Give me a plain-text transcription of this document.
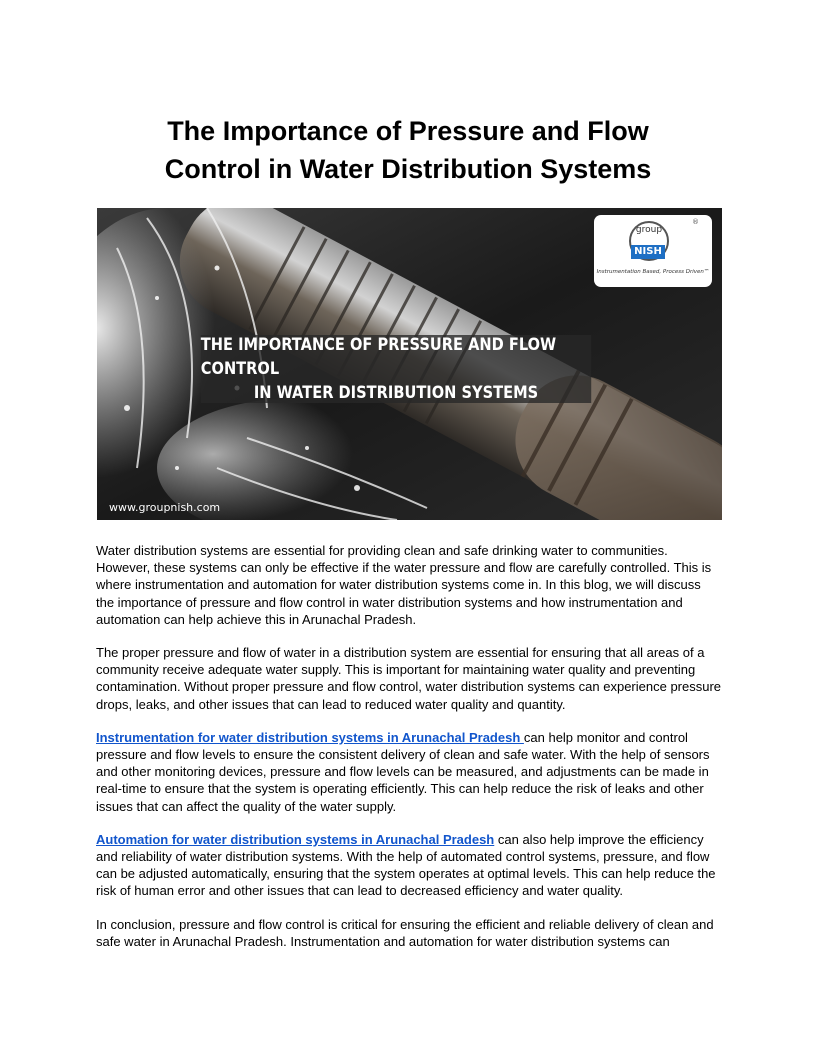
The Importance of Pressure and Flow
Control in Water Distribution Systems
THE IMPORTANCE OF PRESSURE AND FLOW CONTROL
IN WATER DISTRIBUTION SYSTEMS
group
NISH
®
Instrumentation Based, Process Driven™
www.groupnish.com

Water distribution systems are essential for providing clean and safe drinking water to communities. However, these systems can only be effective if the water pressure and flow are carefully controlled. This is where instrumentation and automation for water distribution systems come in. In this blog, we will discuss the importance of pressure and flow control in water distribution systems and how instrumentation and automation can help achieve this in Arunachal Pradesh.

The proper pressure and flow of water in a distribution system are essential for ensuring that all areas of a community receive adequate water supply. This is important for maintaining water quality and preventing contamination. Without proper pressure and flow control, water distribution systems can experience pressure drops, leaks, and other issues that can lead to reduced water quality and quantity.

Instrumentation for water distribution systems in Arunachal Pradesh can help monitor and control pressure and flow levels to ensure the consistent delivery of clean and safe water. With the help of sensors and other monitoring devices, pressure and flow levels can be measured, and adjustments can be made in real-time to ensure that the system is operating efficiently. This can help reduce the risk of leaks and other issues that can affect the quality of the water supply.

Automation for water distribution systems in Arunachal Pradesh can also help improve the efficiency and reliability of water distribution systems. With the help of automated control systems, pressure, and flow can be adjusted automatically, ensuring that the system operates at optimal levels. This can help reduce the risk of human error and other issues that can lead to decreased efficiency and water quality.

In conclusion, pressure and flow control is critical for ensuring the efficient and reliable delivery of clean and safe water in Arunachal Pradesh. Instrumentation and automation for water distribution systems can
